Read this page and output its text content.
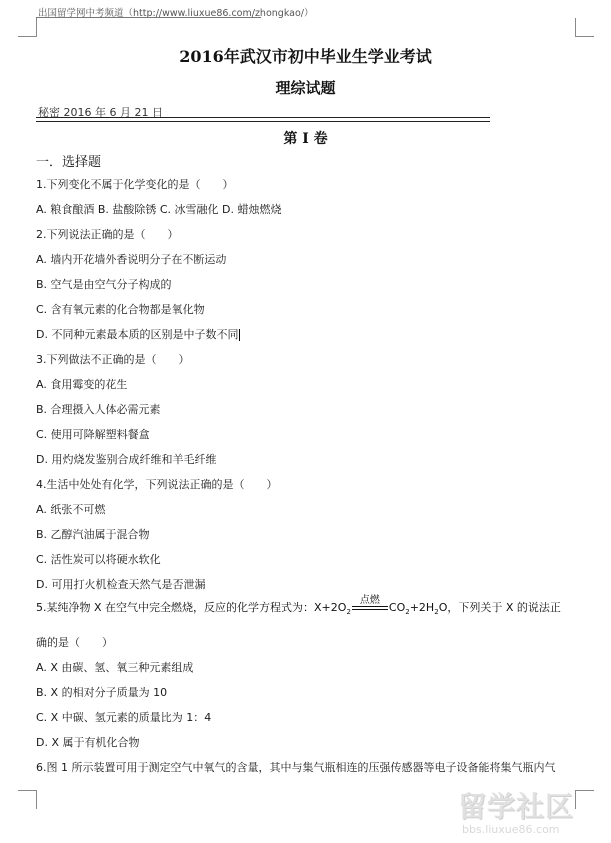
出国留学网中考频道（http://www.liuxue86.com/zhongkao/）
2016年武汉市初中毕业生学业考试
理综试题
秘密 2016 年 6 月 21 日
第 I 卷
一．选择题
1.下列变化不属于化学变化的是（　　）
A. 粮食酿酒 B. 盐酸除锈 C. 冰雪融化 D. 蜡烛燃烧
2.下列说法正确的是（　　）
A. 墙内开花墙外香说明分子在不断运动
B. 空气是由空气分子构成的
C. 含有氧元素的化合物都是氧化物
D. 不同种元素最本质的区别是中子数不同
3.下列做法不正确的是（　　）
A. 食用霉变的花生
B. 合理摄入人体必需元素
C. 使用可降解塑料餐盒
D. 用灼烧发鉴别合成纤维和羊毛纤维
4.生活中处处有化学，下列说法正确的是（　　）
A. 纸张不可燃
B. 乙醇汽油属于混合物
C. 活性炭可以将硬水软化
D. 可用打火机检查天然气是否泄漏
5.某纯净物 X 在空气中完全燃烧，反应的化学方程式为：$X+2O_2$
点燃
$CO_2+2H_2O$，下列关于 X 的说法正
确的是（　　）
A. X 由碳、氢、氧三种元素组成
B. X 的相对分子质量为 10
C. X 中碳、氢元素的质量比为 1：4
D. X 属于有机化合物
6.图 1 所示装置可用于测定空气中氧气的含量，其中与集气瓶相连的压强传感器等电子设备能将集气瓶内气
留学社区
bbs.liuxue86.com
